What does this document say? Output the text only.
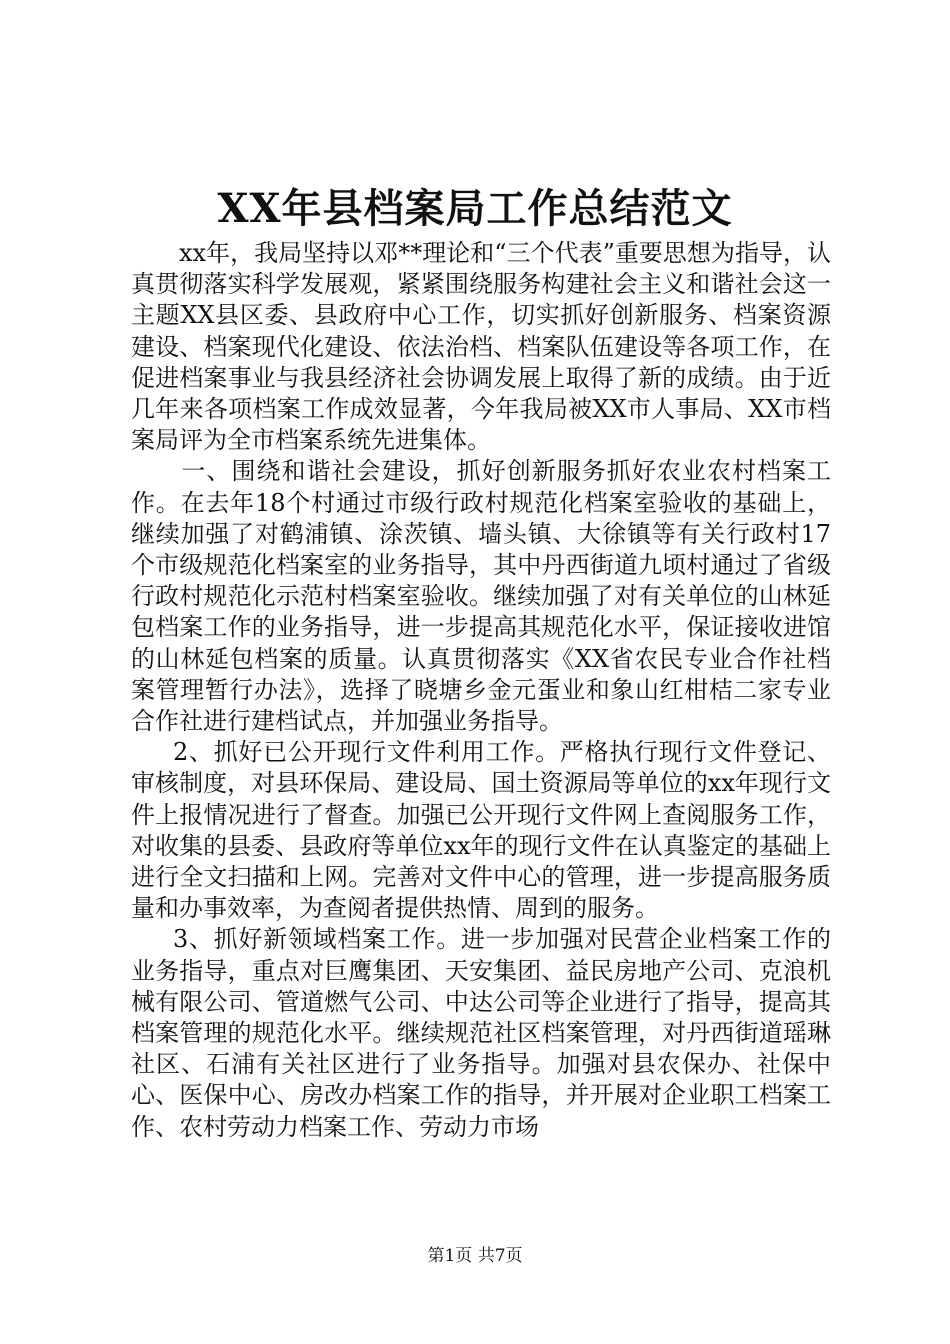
XX年县档案局工作总结范文

xx年，我局坚持以邓**理论和“三个代表”重要思想为指导，认真贯彻落实科学发展观，紧紧围绕服务构建社会主义和谐社会这一主题XX县区委、县政府中心工作，切实抓好创新服务、档案资源建设、档案现代化建设、依法治档、档案队伍建设等各项工作，在促进档案事业与我县经济社会协调发展上取得了新的成绩。由于近几年来各项档案工作成效显著，今年我局被XX市人事局、XX市档案局评为全市档案系统先进集体。

一、围绕和谐社会建设，抓好创新服务抓好农业农村档案工作。在去年18个村通过市级行政村规范化档案室验收的基础上，继续加强了对鹤浦镇、涂茨镇、墙头镇、大徐镇等有关行政村17个市级规范化档案室的业务指导，其中丹西街道九顷村通过了省级行政村规范化示范村档案室验收。继续加强了对有关单位的山林延包档案工作的业务指导，进一步提高其规范化水平，保证接收进馆的山林延包档案的质量。认真贯彻落实《XX省农民专业合作社档案管理暂行办法》，选择了晓塘乡金元蛋业和象山红柑桔二家专业合作社进行建档试点，并加强业务指导。

2、抓好已公开现行文件利用工作。严格执行现行文件登记、审核制度，对县环保局、建设局、国土资源局等单位的xx年现行文件上报情况进行了督查。加强已公开现行文件网上查阅服务工作，对收集的县委、县政府等单位xx年的现行文件在认真鉴定的基础上进行全文扫描和上网。完善对文件中心的管理，进一步提高服务质量和办事效率，为查阅者提供热情、周到的服务。

3、抓好新领域档案工作。进一步加强对民营企业档案工作的业务指导，重点对巨鹰集团、天安集团、益民房地产公司、克浪机械有限公司、管道燃气公司、中达公司等企业进行了指导，提高其档案管理的规范化水平。继续规范社区档案管理，对丹西街道瑶琳社区、石浦有关社区进行了业务指导。加强对县农保办、社保中心、医保中心、房改办档案工作的指导，并开展对企业职工档案工作、农村劳动力档案工作、劳动力市场

第1页 共7页
